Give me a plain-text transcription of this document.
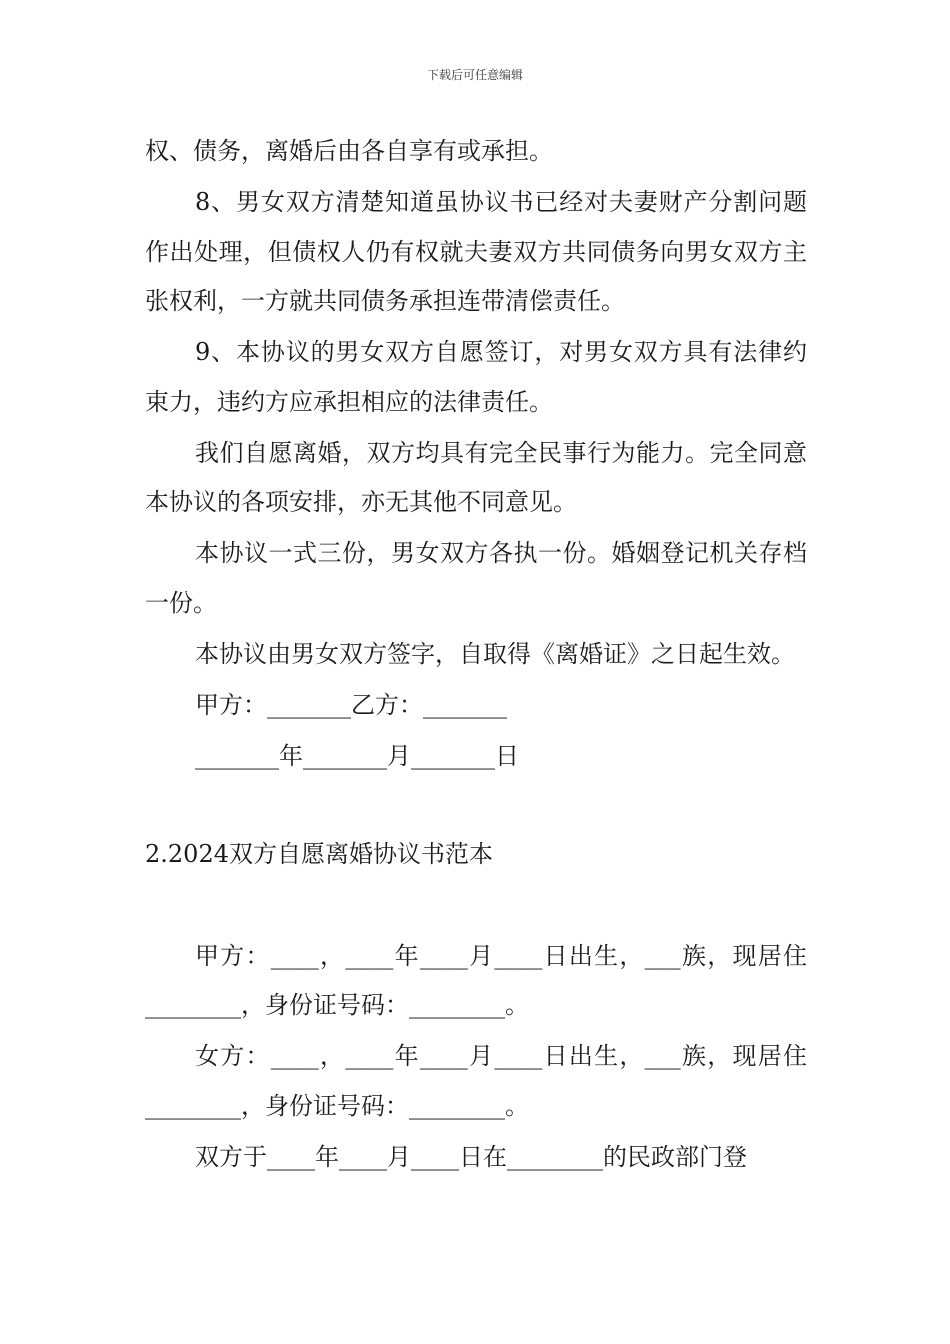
下载后可任意编辑

权、债务，离婚后由各自享有或承担。

8、男女双方清楚知道虽协议书已经对夫妻财产分割问题作出处理，但债权人仍有权就夫妻双方共同债务向男女双方主张权利，一方就共同债务承担连带清偿责任。

9、本协议的男女双方自愿签订，对男女双方具有法律约束力，违约方应承担相应的法律责任。

我们自愿离婚，双方均具有完全民事行为能力。完全同意本协议的各项安排，亦无其他不同意见。

本协议一式三份，男女双方各执一份。婚姻登记机关存档一份。

本协议由男女双方签字，自取得《离婚证》之日起生效。

甲方：_______乙方：_______

_______年_______月_______日

2.2024双方自愿离婚协议书范本

甲方：____，____年____月____日出生，___族，现居住________，身份证号码：________。

女方：____，____年____月____日出生，___族，现居住________，身份证号码：________。

双方于____年____月____日在________的民政部门登
